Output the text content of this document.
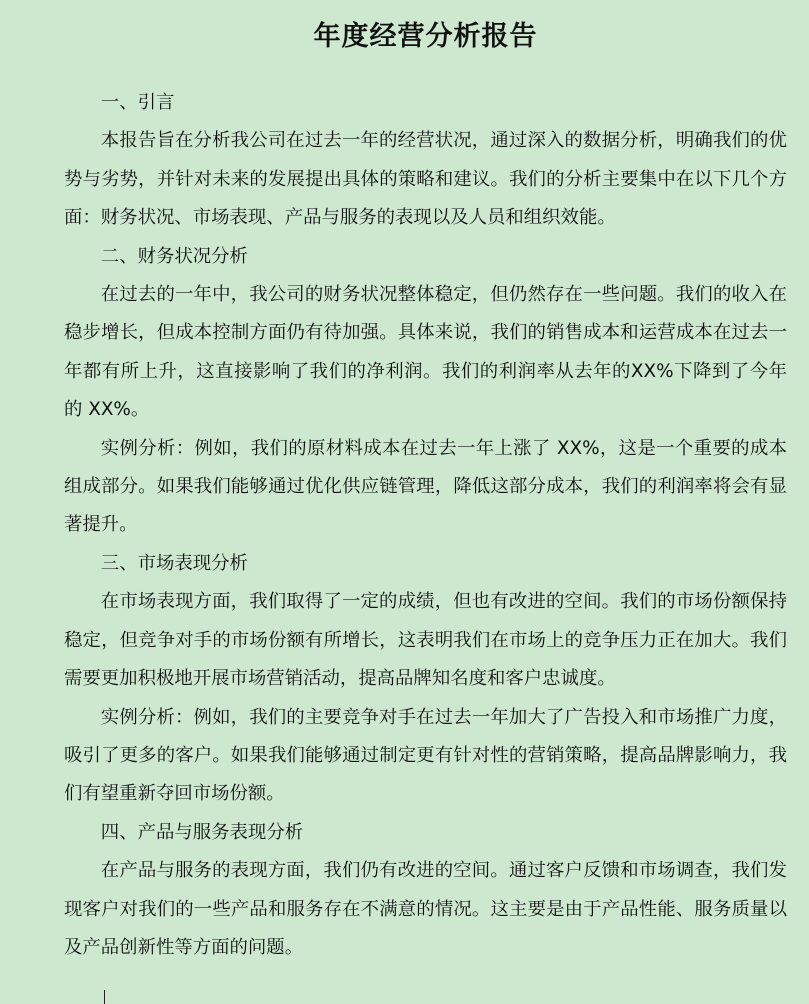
年度经营分析报告

一、引言

本报告旨在分析我公司在过去一年的经营状况，通过深入的数据分析，明确我们的优势与劣势，并针对未来的发展提出具体的策略和建议。我们的分析主要集中在以下几个方面：财务状况、市场表现、产品与服务的表现以及人员和组织效能。

二、财务状况分析

在过去的一年中，我公司的财务状况整体稳定，但仍然存在一些问题。我们的收入在稳步增长，但成本控制方面仍有待加强。具体来说，我们的销售成本和运营成本在过去一年都有所上升，这直接影响了我们的净利润。我们的利润率从去年的XX%下降到了今年的 XX%。

实例分析：例如，我们的原材料成本在过去一年上涨了 XX%，这是一个重要的成本组成部分。如果我们能够通过优化供应链管理，降低这部分成本，我们的利润率将会有显著提升。

三、市场表现分析

在市场表现方面，我们取得了一定的成绩，但也有改进的空间。我们的市场份额保持稳定，但竞争对手的市场份额有所增长，这表明我们在市场上的竞争压力正在加大。我们需要更加积极地开展市场营销活动，提高品牌知名度和客户忠诚度。

实例分析：例如，我们的主要竞争对手在过去一年加大了广告投入和市场推广力度，吸引了更多的客户。如果我们能够通过制定更有针对性的营销策略，提高品牌影响力，我们有望重新夺回市场份额。

四、产品与服务表现分析

在产品与服务的表现方面，我们仍有改进的空间。通过客户反馈和市场调查，我们发现客户对我们的一些产品和服务存在不满意的情况。这主要是由于产品性能、服务质量以及产品创新性等方面的问题。
